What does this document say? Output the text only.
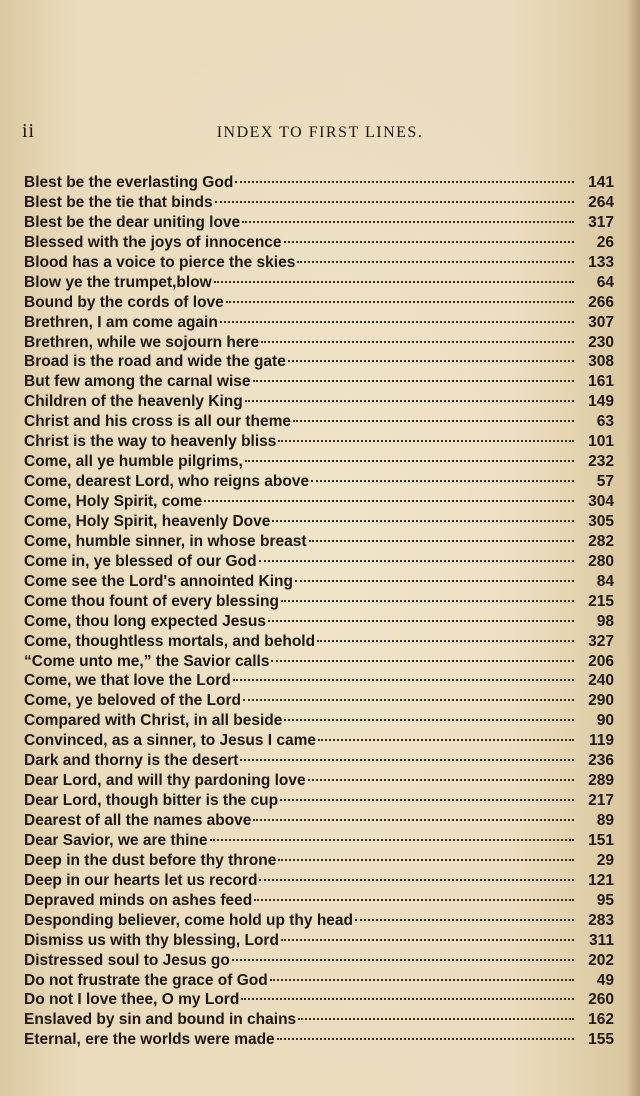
ii	INDEX TO FIRST LINES.
Blest be the everlasting God	141
Blest be the tie that binds	264
Blest be the dear uniting love	317
Blessed with the joys of innocence	26
Blood has a voice to pierce the skies	133
Blow ye the trumpet,blow	64
Bound by the cords of love	266
Brethren, I am come again	307
Brethren, while we sojourn here	230
Broad is the road and wide the gate	308
But few among the carnal wise	161
Children of the heavenly King	149
Christ and his cross is all our theme	63
Christ is the way to heavenly bliss	101
Come, all ye humble pilgrims,	232
Come, dearest Lord, who reigns above	57
Come, Holy Spirit, come	304
Come, Holy Spirit, heavenly Dove	305
Come, humble sinner, in whose breast	282
Come in, ye blessed of our God	280
Come see the Lord's annointed King	84
Come thou fount of every blessing	215
Come, thou long expected Jesus	98
Come, thoughtless mortals, and behold	327
“Come unto me,” the Savior calls	206
Come, we that love the Lord	240
Come, ye beloved of the Lord	290
Compared with Christ, in all beside	90
Convinced, as a sinner, to Jesus I came	119
Dark and thorny is the desert	236
Dear Lord, and will thy pardoning love	289
Dear Lord, though bitter is the cup	217
Dearest of all the names above	89
Dear Savior, we are thine	151
Deep in the dust before thy throne	29
Deep in our hearts let us record	121
Depraved minds on ashes feed	95
Desponding believer, come hold up thy head	283
Dismiss us with thy blessing, Lord	311
Distressed soul to Jesus go	202
Do not frustrate the grace of God	49
Do not I love thee, O my Lord	260
Enslaved by sin and bound in chains	162
Eternal, ere the worlds were made	155
